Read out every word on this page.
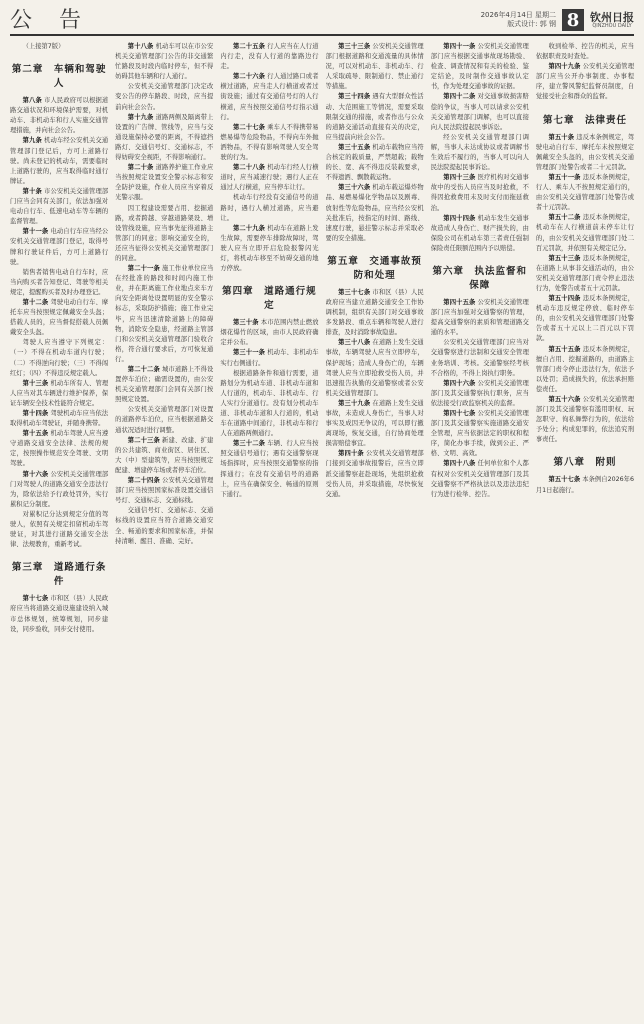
公 告	2026年4月14日 星期二
版式设计: 郭 钢 8 钦州日报
QINZHOU DAILY

（上接第7版）

第二章　车辆和驾驶人

第八条 市人民政府可以根据道路交通状况和环境保护需要，对机动车、非机动车和行人实施交通管理措施，并向社会公告。

第九条 机动车经公安机关交通管理部门登记后，方可上道路行驶。尚未登记的机动车，需要临时上道路行驶的，应当取得临时通行牌证。

第十条 市公安机关交通管理部门应当会同有关部门，依法加强对电动自行车、低速电动车等车辆的监督管理。

第十一条 电动自行车应当经公安机关交通管理部门登记，取得号牌和行驶证件后，方可上道路行驶。

销售者销售电动自行车时，应当向购买者告知登记、驾驶等相关规定，提醒购买者及时办理登记。

第十二条 驾驶电动自行车、摩托车应当按照规定佩戴安全头盔；搭载人员的，应当督促搭载人员佩戴安全头盔。

驾驶人应当遵守下列规定：（一）不得在机动车道内行驶；（二）不得逆向行驶；（三）不得闯红灯；（四）不得违反规定载人。

第十三条 机动车所有人、管理人应当对其车辆进行维护保养，保证车辆安全技术性能符合规定。

第十四条 驾驶机动车应当依法取得机动车驾驶证，并随身携带。

第十五条 机动车驾驶人应当遵守道路交通安全法律、法规的规定，按照操作规范安全驾驶、文明驾驶。

第十六条 公安机关交通管理部门对驾驶人的道路交通安全违法行为，除依法给予行政处罚外，实行累积记分制度。

对累积记分达到规定分值的驾驶人，依照有关规定扣留机动车驾驶证，对其进行道路交通安全法律、法规教育，重新考试。

第三章　道路通行条件

第十七条 市和区（县）人民政府应当将道路交通设施建设纳入城市总体规划，统筹规划，同步建设，同步验收，同步交付使用。

第十八条 机动车可以在市公安机关交通管理部门公告的非交通繁忙路段及时段内临时停车，但不得妨碍其他车辆和行人通行。

公安机关交通管理部门决定改变公告的停车路段、时段，应当提前向社会公告。

第十九条 道路两侧及隔离带上设置的广告牌、管线等，应当与交通设施保持必要的距离，不得遮挡路灯、交通信号灯、交通标志，不得妨碍安全视距，不得影响通行。

第二十条 道路养护施工作业应当按照规定设置安全警示标志和安全防护设施，作业人员应当穿着反光警示服。

因工程建设需要占用、挖掘道路，或者跨越、穿越道路架设、增设管线设施，应当事先征得道路主管部门的同意；影响交通安全的，还应当征得公安机关交通管理部门的同意。

第二十一条 施工作业单位应当在经批准的路段和时间内施工作业，并在距离施工作业地点来车方向安全距离处设置明显的安全警示标志，采取防护措施；施工作业完毕，应当迅速清除道路上的障碍物，消除安全隐患，经道路主管部门和公安机关交通管理部门验收合格，符合通行要求后，方可恢复通行。

第二十二条 城市道路上不得设置停车泊位；确需设置的，由公安机关交通管理部门会同有关部门按照规定设置。

公安机关交通管理部门对设置的道路停车泊位，应当根据道路交通状况适时进行调整。

第二十三条 新建、改建、扩建的公共建筑、商业街区、居住区、大（中）型建筑等，应当按照规定配建、增建停车场或者停车泊位。

第二十四条 公安机关交通管理部门应当按照国家标准设置交通信号灯、交通标志、交通标线。

交通信号灯、交通标志、交通标线的设置应当符合道路交通安全、畅通的要求和国家标准，并保持清晰、醒目、准确、完好。

第二十五条 行人应当在人行道内行走，没有人行道的靠路边行走。

第二十六条 行人通过路口或者横过道路，应当走人行横道或者过街设施；通过有交通信号灯的人行横道，应当按照交通信号灯指示通行。

第二十七条 乘车人不得携带易燃易爆等危险物品，不得向车外抛洒物品，不得有影响驾驶人安全驾驶的行为。

第二十八条 机动车行经人行横道时，应当减速行驶；遇行人正在通过人行横道，应当停车让行。

机动车行经没有交通信号的道路时，遇行人横过道路，应当避让。

第二十九条 机动车在道路上发生故障，需要停车排除故障时，驾驶人应当立即开启危险报警闪光灯，将机动车移至不妨碍交通的地方停放。

第四章　道路通行规定

第三十条 本市范围内禁止燃放烟花爆竹的区域，由市人民政府确定并公布。

第三十一条 机动车、非机动车实行右侧通行。

根据道路条件和通行需要，道路划分为机动车道、非机动车道和人行道的，机动车、非机动车、行人实行分道通行。没有划分机动车道、非机动车道和人行道的，机动车在道路中间通行，非机动车和行人在道路两侧通行。

第三十二条 车辆、行人应当按照交通信号通行；遇有交通警察现场指挥时，应当按照交通警察的指挥通行；在没有交通信号的道路上，应当在确保安全、畅通的原则下通行。

第三十三条 公安机关交通管理部门根据道路和交通流量的具体情况，可以对机动车、非机动车、行人采取疏导、限制通行、禁止通行等措施。

第三十四条 遇有大型群众性活动、大范围施工等情况，需要采取限制交通的措施，或者作出与公众的道路交通活动直接有关的决定，应当提前向社会公告。

第三十五条 机动车载物应当符合核定的载质量，严禁超载；载物的长、宽、高不得违反装载要求，不得遗洒、飘散载运物。

第三十六条 机动车载运爆炸物品、易燃易爆化学物品以及剧毒、放射性等危险物品，应当经公安机关批准后，按指定的时间、路线、速度行驶，悬挂警示标志并采取必要的安全措施。

第五章　交通事故预防和处理

第三十七条 市和区（县）人民政府应当建立道路交通安全工作协调机制，组织有关部门对交通事故多发路段、重点车辆和驾驶人进行排查，及时消除事故隐患。

第三十八条 在道路上发生交通事故，车辆驾驶人应当立即停车，保护现场；造成人身伤亡的，车辆驾驶人应当立即抢救受伤人员，并迅速报告执勤的交通警察或者公安机关交通管理部门。

第三十九条 在道路上发生交通事故，未造成人身伤亡，当事人对事实及成因无争议的，可以即行撤离现场，恢复交通，自行协商处理损害赔偿事宜。

第四十条 公安机关交通管理部门接到交通事故报警后，应当立即派交通警察赶赴现场，先组织抢救受伤人员，并采取措施，尽快恢复交通。

第四十一条 公安机关交通管理部门应当根据交通事故现场勘验、检查、调查情况和有关的检验、鉴定结论，及时制作交通事故认定书，作为处理交通事故的证据。

第四十二条 对交通事故损害赔偿的争议，当事人可以请求公安机关交通管理部门调解，也可以直接向人民法院提起民事诉讼。

经公安机关交通管理部门调解，当事人未达成协议或者调解书生效后不履行的，当事人可以向人民法院提起民事诉讼。

第四十三条 医疗机构对交通事故中的受伤人员应当及时抢救，不得因抢救费用未及时支付而拖延救治。

第四十四条 机动车发生交通事故造成人身伤亡、财产损失的，由保险公司在机动车第三者责任强制保险责任限额范围内予以赔偿。

第六章　执法监督和保障

第四十五条 公安机关交通管理部门应当加强对交通警察的管理，提高交通警察的素质和管理道路交通的水平。

公安机关交通管理部门应当对交通警察进行法制和交通安全管理业务培训、考核。交通警察经考核不合格的，不得上岗执行职务。

第四十六条 公安机关交通管理部门及其交通警察执行职务，应当依法接受行政监察机关的监督。

第四十七条 公安机关交通管理部门及其交通警察实施道路交通安全管理，应当依据法定的职权和程序，简化办事手续，做到公正、严格、文明、高效。

第四十八条 任何单位和个人都有权对公安机关交通管理部门及其交通警察不严格执法以及违法违纪行为进行检举、控告。

收到检举、控告的机关，应当依据职责及时查处。

第四十九条 公安机关交通管理部门应当公开办事制度、办事程序，建立警风警纪监督员制度，自觉接受社会和群众的监督。

第七章　法律责任

第五十条 违反本条例规定，驾驶电动自行车、摩托车未按照规定佩戴安全头盔的，由公安机关交通管理部门处警告或者二十元罚款。

第五十一条 违反本条例规定，行人、乘车人不按照规定通行的，由公安机关交通管理部门处警告或者十元罚款。

第五十二条 违反本条例规定，机动车在人行横道前未停车让行的，由公安机关交通管理部门处二百元罚款，并依照有关规定记分。

第五十三条 违反本条例规定，在道路上从事非交通活动的，由公安机关交通管理部门责令停止违法行为，处警告或者五十元罚款。

第五十四条 违反本条例规定，机动车违反规定停放、临时停车的，由公安机关交通管理部门处警告或者五十元以上二百元以下罚款。

第五十五条 违反本条例规定，擅自占用、挖掘道路的，由道路主管部门责令停止违法行为，依法予以处罚；造成损失的，依法承担赔偿责任。

第五十六条 公安机关交通管理部门及其交通警察有滥用职权、玩忽职守、徇私舞弊行为的，依法给予处分；构成犯罪的，依法追究刑事责任。

第八章　附则

第五十七条 本条例自2026年6月1日起施行。
